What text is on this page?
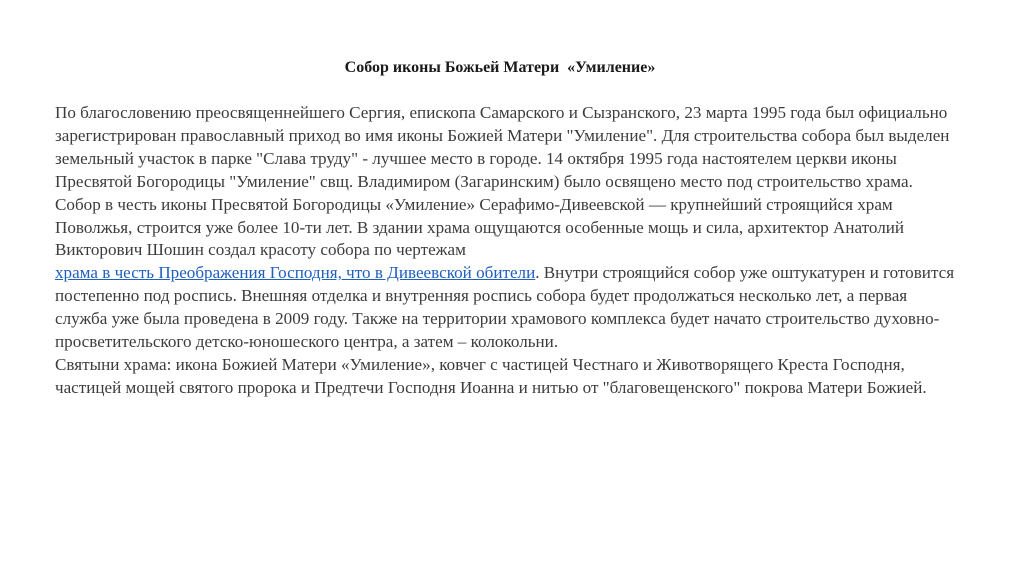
Собор иконы Божьей Матери  «Умиление»

По благословению преосвященнейшего Сергия, епископа Самарского и Сызранского, 23 марта 1995 года был официально зарегистрирован православный приход во имя иконы Божией Матери "Умиление". Для строительства собора был выделен земельный участок в парке "Слава труду" - лучшее место в городе. 14 октября 1995 года настоятелем церкви иконы Пресвятой Богородицы "Умиление" свщ. Владимиром (Загаринским) было освящено место под строительство храма.

Собор в честь иконы Пресвятой Богородицы «Умиление» Серафимо-Дивеевской — крупнейший строящийся храм Поволжья, строится уже более 10-ти лет. В здании храма ощущаются особенные мощь и сила, архитектор Анатолий Викторович Шошин создал красоту собора по чертежам
храма в честь Преображения Господня, что в Дивеевской обители. Внутри строящийся собор уже оштукатурен и готовится постепенно под роспись. Внешняя отделка и внутренняя роспись собора будет продолжаться несколько лет, а первая служба уже была проведена в 2009 году. Также на территории храмового комплекса будет начато строительство духовно-просветительского детско-юношеского центра, а затем – колокольни.

Святыни храма: икона Божией Матери «Умиление», ковчег с частицей Честнаго и Животворящего Креста Господня, частицей мощей святого пророка и Предтечи Господня Иоанна и нитью от "благовещенского" покрова Матери Божией.
